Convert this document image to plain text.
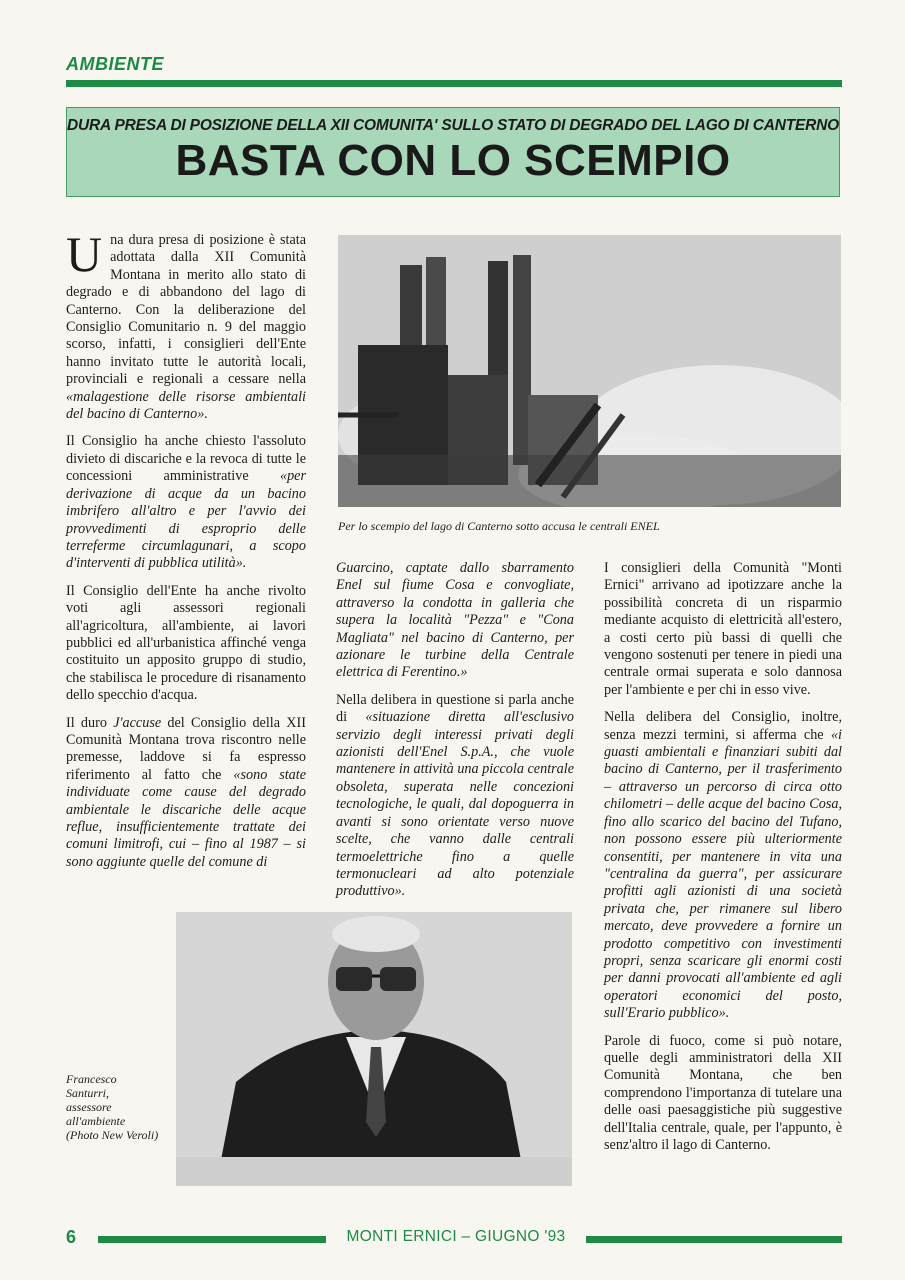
AMBIENTE
DURA PRESA DI POSIZIONE DELLA XII COMUNITA' SULLO STATO DI DEGRADO DEL LAGO DI CANTERNO
BASTA CON LO SCEMPIO

Una dura presa di posizione è stata adottata dalla XII Comunità Montana in merito allo stato di degrado e di abbandono del lago di Canterno. Con la deliberazione del Consiglio Comunitario n. 9 del maggio scorso, infatti, i consiglieri dell'Ente hanno invitato tutte le autorità locali, provinciali e regionali a cessare nella «malagestione delle risorse ambientali del bacino di Canterno».

Il Consiglio ha anche chiesto l'assoluto divieto di discariche e la revoca di tutte le concessioni amministrative «per derivazione di acque da un bacino imbrifero all'altro e per l'avvio dei provvedimenti di esproprio delle terreferme circumlagunari, a scopo d'interventi di pubblica utilità».

Il Consiglio dell'Ente ha anche rivolto voti agli assessori regionali all'agricoltura, all'ambiente, ai lavori pubblici ed all'urbanistica affinché venga costituito un apposito gruppo di studio, che stabilisca le procedure di risanamento dello specchio d'acqua.

Il duro J'accuse del Consiglio della XII Comunità Montana trova riscontro nelle premesse, laddove si fa espresso riferimento al fatto che «sono state individuate come cause del degrado ambientale le discariche delle acque reflue, insufficientemente trattate dei comuni limitrofi, cui – fino al 1987 – si sono aggiunte quelle del comune di

Per lo scempio del lago di Canterno sotto accusa le centrali ENEL

Guarcino, captate dallo sbarramento Enel sul fiume Cosa e convogliate, attraverso la condotta in galleria che supera la località "Pezza" e "Cona Magliata" nel bacino di Canterno, per azionare le turbine della Centrale elettrica di Ferentino.»

Nella delibera in questione si parla anche di «situazione diretta all'esclusivo servizio degli interessi privati degli azionisti dell'Enel S.p.A., che vuole mantenere in attività una piccola centrale obsoleta, superata nelle concezioni tecnologiche, le quali, dal dopoguerra in avanti si sono orientate verso nuove scelte, che vanno dalle centrali termoelettriche fino a quelle termonucleari ad alto potenziale produttivo».

I consiglieri della Comunità "Monti Ernici" arrivano ad ipotizzare anche la possibilità concreta di un risparmio mediante acquisto di elettricità all'estero, a costi certo più bassi di quelli che vengono sostenuti per tenere in piedi una centrale ormai superata e solo dannosa per l'ambiente e per chi in esso vive.

Nella delibera del Consiglio, inoltre, senza mezzi termini, si afferma che «i guasti ambientali e finanziari subiti dal bacino di Canterno, per il trasferimento – attraverso un percorso di circa otto chilometri – delle acque del bacino Cosa, fino allo scarico del bacino del Tufano, non possono essere più ulteriormente consentiti, per mantenere in vita una "centralina da guerra", per assicurare profitti agli azionisti di una società privata che, per rimanere sul libero mercato, deve provvedere a fornire un prodotto competitivo con investimenti propri, senza scaricare gli enormi costi per danni provocati all'ambiente ed agli operatori economici del posto, sull'Erario pubblico».

Parole di fuoco, come si può notare, quelle degli amministratori della XII Comunità Montana, che ben comprendono l'importanza di tutelare una delle oasi paesaggistiche più suggestive dell'Italia centrale, quale, per l'appunto, è senz'altro il lago di Canterno.

Francesco
Santurri,
assessore
all'ambiente
(Photo New Veroli)
6	MONTI ERNICI – GIUGNO '93
